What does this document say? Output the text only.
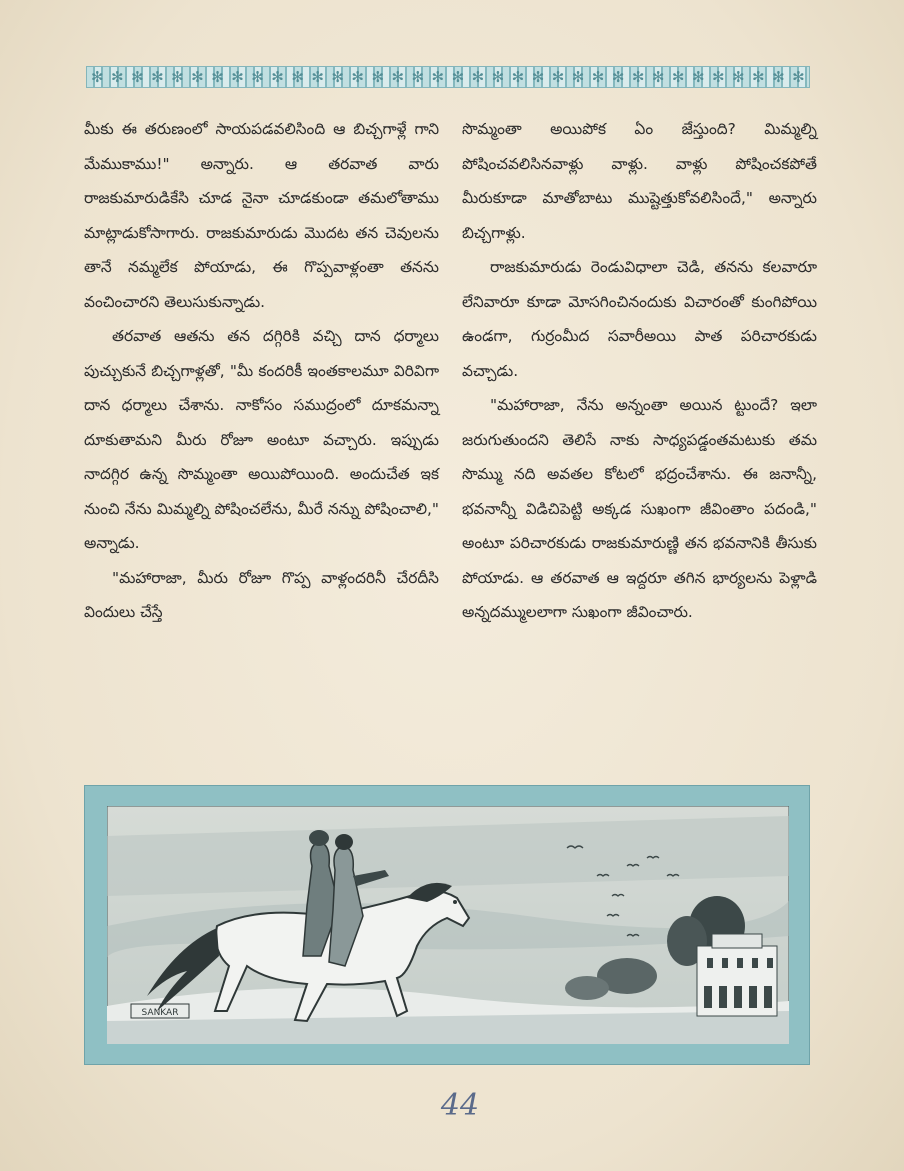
✻ ✻ ✻ ✻ ✻ ✻ ✻ ✻ ✻ ✻ ✻ ✻ ✻ ✻ ✻ ✻ ✻ ✻ ✻ ✻ ✻ ✻ ✻ ✻ ✻ ✻ ✻ ✻ ✻ ✻ ✻ ✻ ✻ ✻ ✻ ✻

మీకు ఈ తరుణంలో సాయపడవలిసింది ఆ బిచ్చగాళ్లే గాని మేముకాము!" అన్నారు. ఆ తరవాత వారు రాజకుమారుడికేసి చూడ నైనా చూడకుండా తమలోతాము మాట్లాడుకోసాగారు. రాజకుమారుడు మొదట తన చెవులను తానే నమ్మలేక పోయాడు, ఈ గొప్పవాళ్లంతా తనను వంచించారని తెలుసుకున్నాడు.

తరవాత ఆతను తన దగ్గిరికి వచ్చి దాన ధర్మాలు పుచ్చుకునే బిచ్చగాళ్లతో, "మీ కందరికీ ఇంతకాలమూ విరివిగా దాన ధర్మాలు చేశాను. నాకోసం సముద్రంలో దూకమన్నా దూకుతామని మీరు రోజూ అంటూ వచ్చారు. ఇప్పుడు నాదగ్గిర ఉన్న సొమ్మంతా అయిపోయింది. అందుచేత ఇక నుంచి నేను మిమ్మల్ని పోషించలేను, మీరే నన్ను పోషించాలి," అన్నాడు.

"మహారాజా, మీరు రోజూ గొప్ప వాళ్లందరినీ చేరదీసి విందులు చేస్తే

సొమ్మంతా అయిపోక ఏం జేస్తుంది? మిమ్మల్ని పోషించవలిసినవాళ్లు వాళ్లు. వాళ్లు పోషించకపోతే మీరుకూడా మాతోబాటు ముష్టెత్తుకోవలిసిందే," అన్నారు బిచ్చగాళ్లు.

రాజకుమారుడు రెండువిధాలా చెడి, తనను కలవారూ లేనివారూ కూడా మోసగించినందుకు విచారంతో కుంగిపోయి ఉండగా, గుర్రంమీద సవారీఅయి పాత పరిచారకుడు వచ్చాడు.

"మహారాజా, నేను అన్నంతా అయిన ట్టుందే? ఇలా జరుగుతుందని తెలిసే నాకు సాధ్యపడ్డంతమటుకు తమ సొమ్ము నది అవతల కోటలో భద్రంచేశాను. ఈ జనాన్నీ, భవనాన్నీ విడిచిపెట్టి అక్కడ సుఖంగా జీవింతాం పదండి," అంటూ పరిచారకుడు రాజకుమారుణ్ణి తన భవనానికి తీసుకు పోయాడు. ఆ తరవాత ఆ ఇద్దరూ తగిన భార్యలను పెళ్లాడి అన్నదమ్ములలాగా సుఖంగా జీవించారు.

SANKAR
44
